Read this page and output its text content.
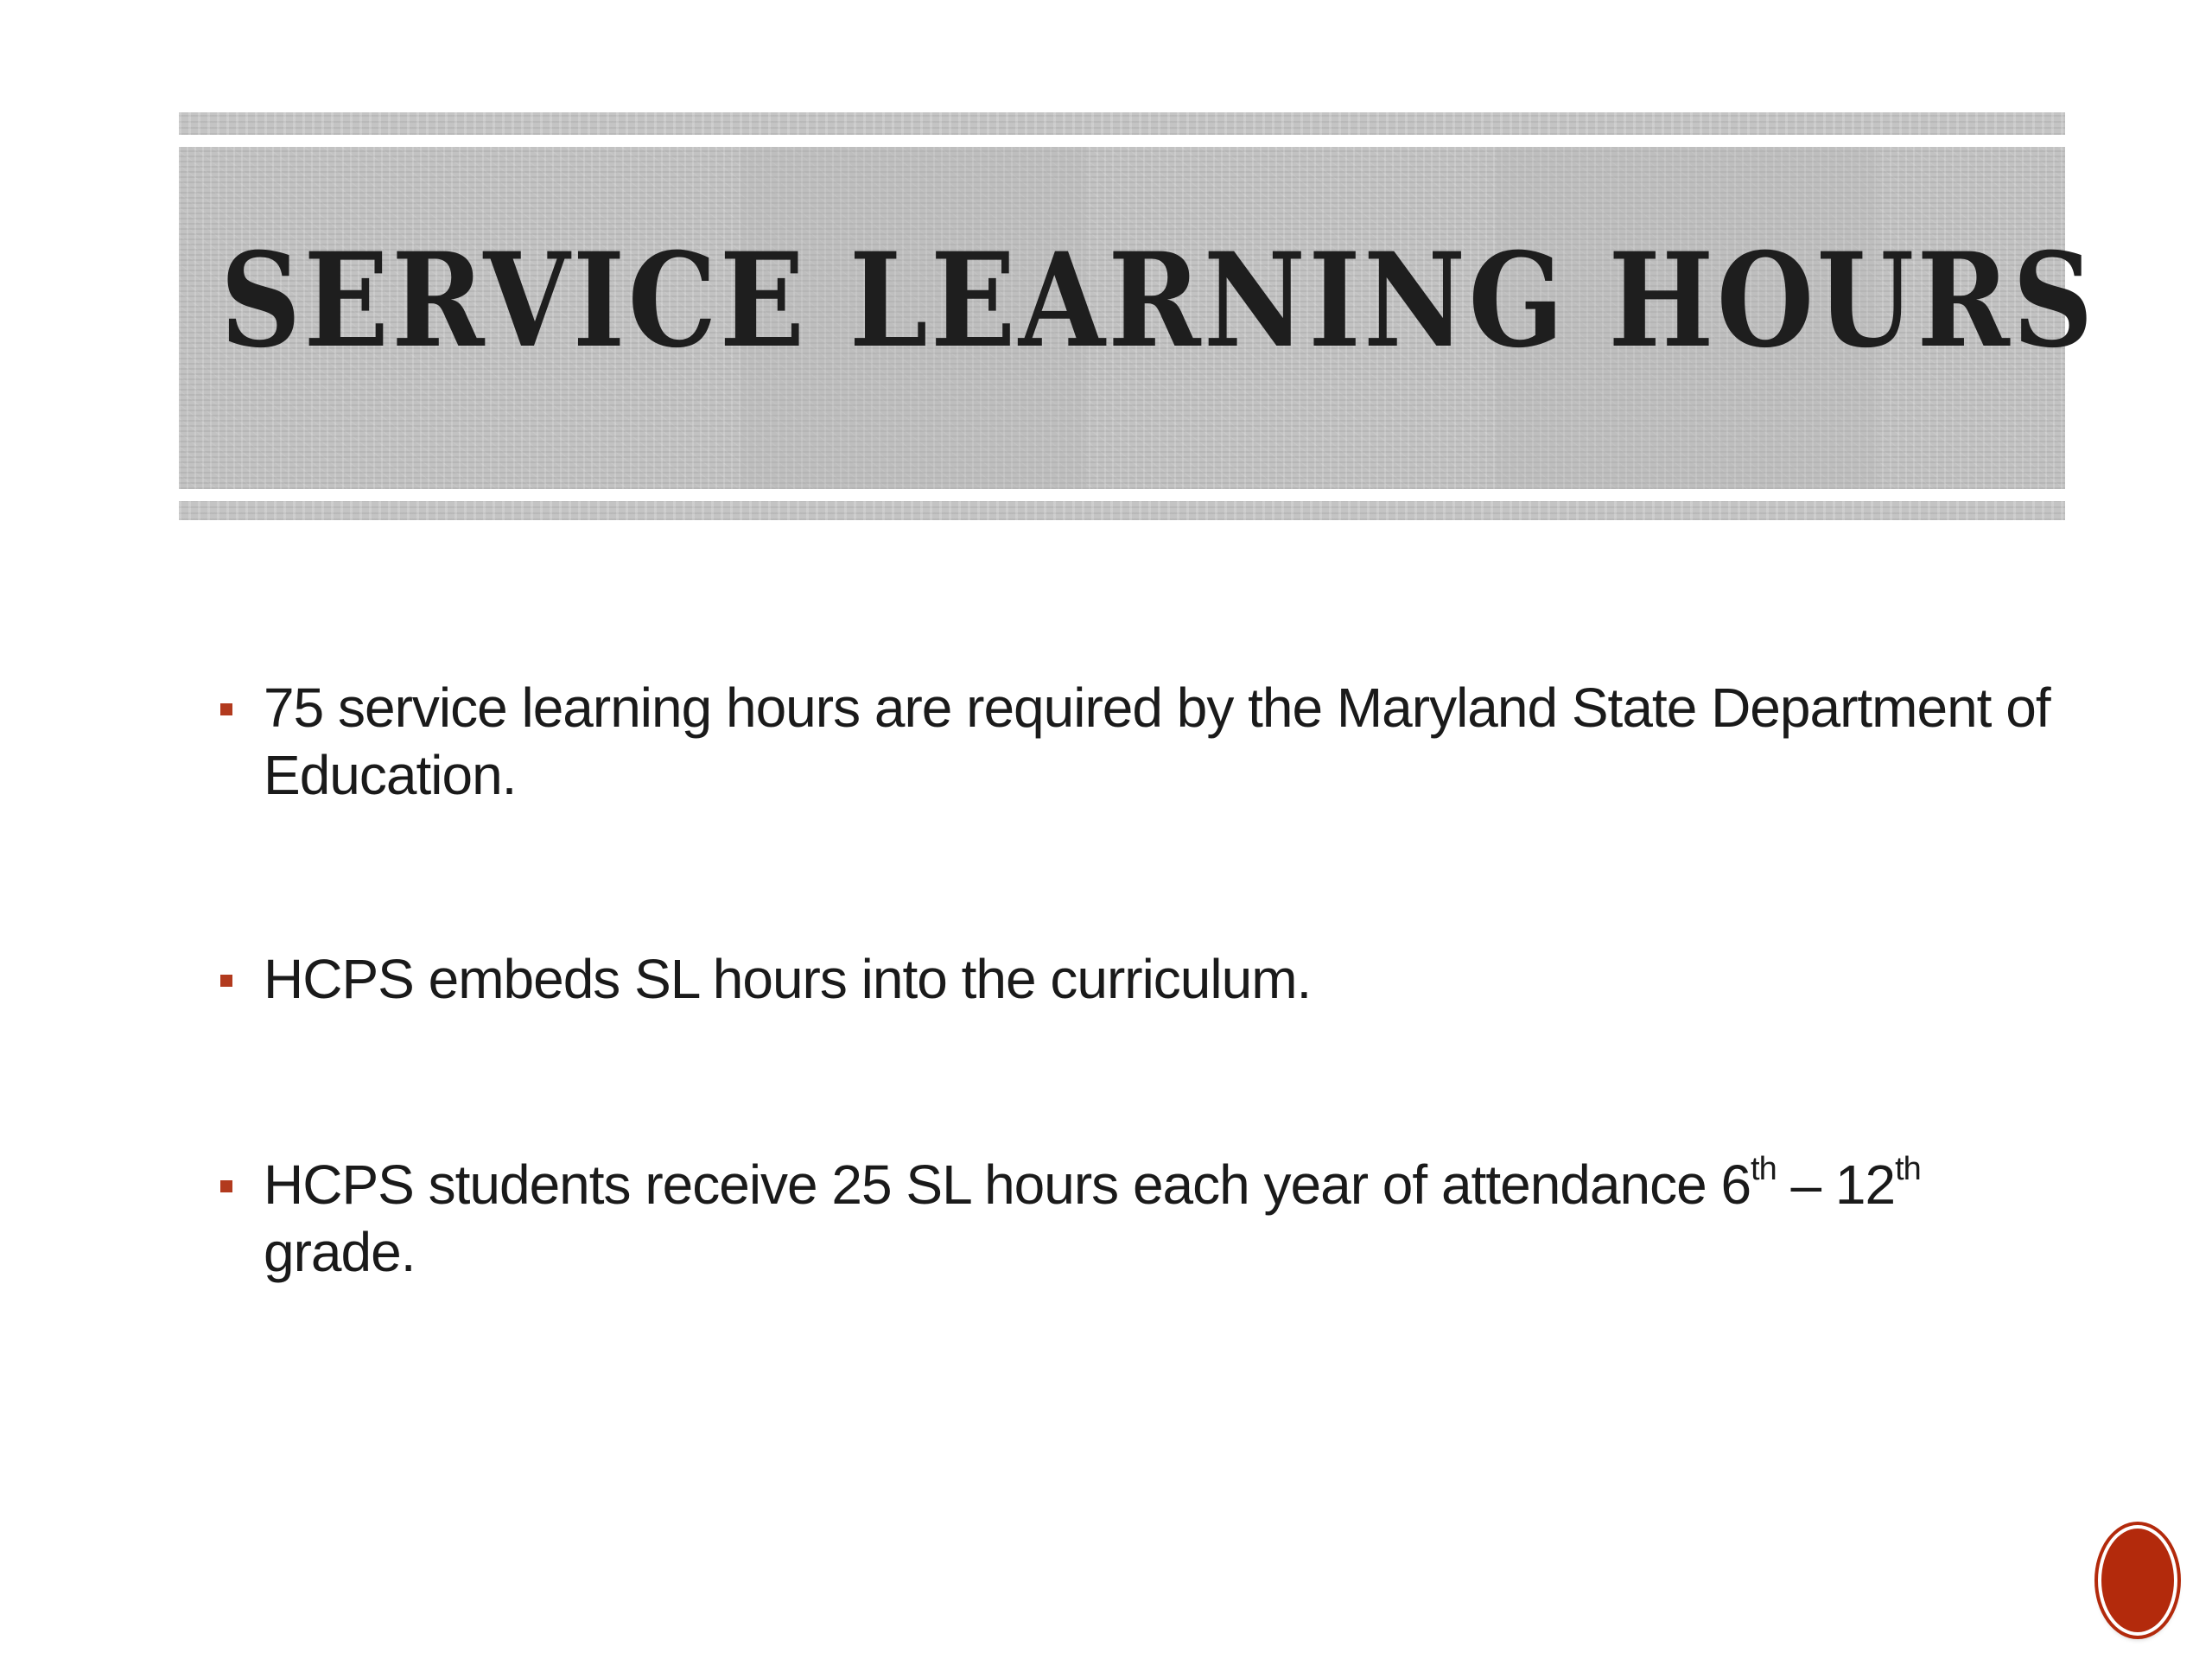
SERVICE LEARNING HOURS
75 service learning hours are required by the Maryland State Department of Education.
HCPS embeds SL hours into the curriculum.
HCPS students receive 25 SL hours each year of attendance 6th – 12th grade.
